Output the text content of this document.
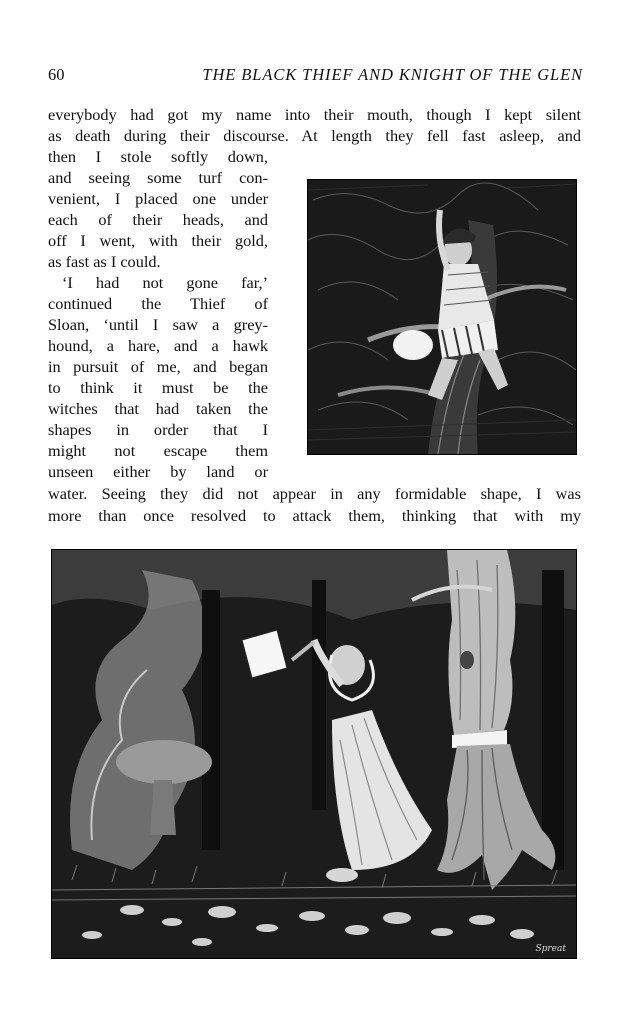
60	THE BLACK THIEF AND KNIGHT OF THE GLEN
everybody had got my name into their mouth, though I kept silent
as death during their discourse. At length they fell fast asleep, and
then I stole softly down,
and seeing some turf con-
venient, I placed one under
each of their heads, and
off I went, with their gold,
as fast as I could.
‘I had not gone far,’
continued the Thief of
Sloan, ‘until I saw a grey-
hound, a hare, and a hawk
in pursuit of me, and began
to think it must be the
witches that had taken the
shapes in order that I
might not escape them
unseen either by land or
water. Seeing they did not appear in any formidable shape, I was
more than once resolved to attack them, thinking that with my
Spreat
